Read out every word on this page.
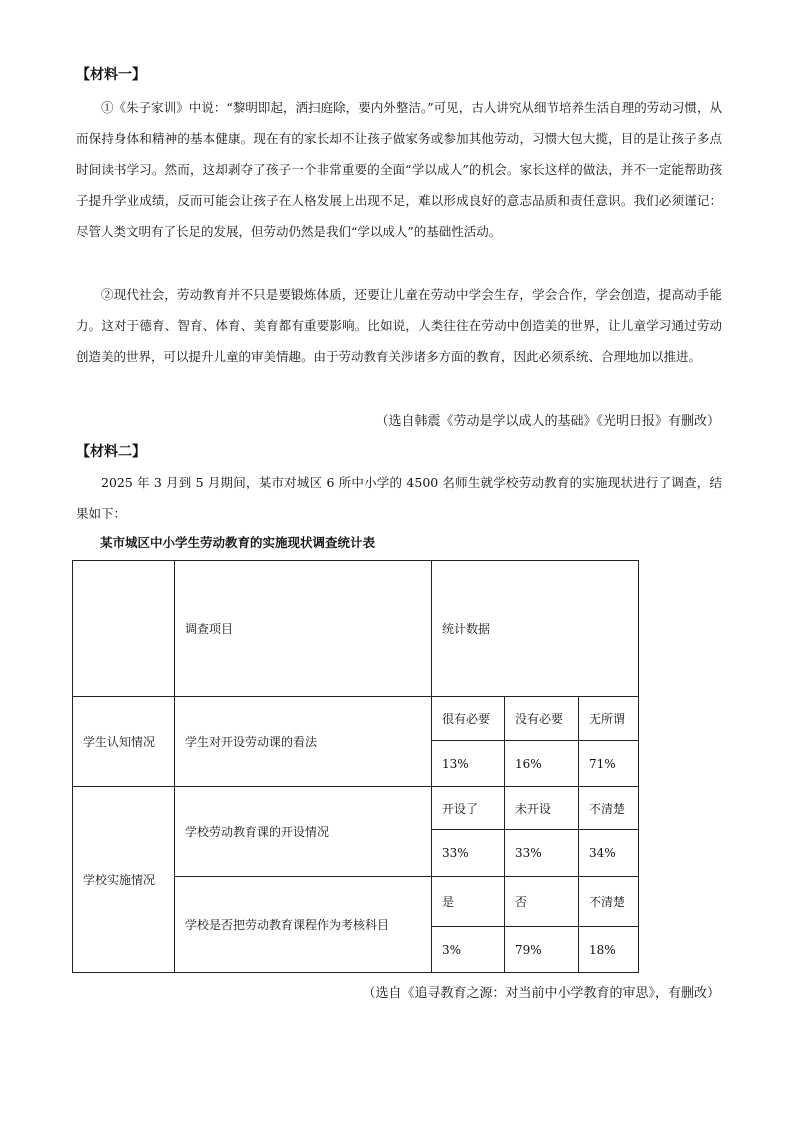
【材料一】

①《朱子家训》中说：“黎明即起，洒扫庭除，要内外整洁。”可见，古人讲究从细节培养生活自理的劳动习惯，从而保持身体和精神的基本健康。现在有的家长却不让孩子做家务或参加其他劳动，习惯大包大揽，目的是让孩子多点时间读书学习。然而，这却剥夺了孩子一个非常重要的全面“学以成人”的机会。家长这样的做法，并不一定能帮助孩子提升学业成绩，反而可能会让孩子在人格发展上出现不足，难以形成良好的意志品质和责任意识。我们必须谨记：尽管人类文明有了长足的发展，但劳动仍然是我们“学以成人”的基础性活动。

②现代社会，劳动教育并不只是要锻炼体质，还要让儿童在劳动中学会生存，学会合作，学会创造，提高动手能力。这对于德育、智育、体育、美育都有重要影响。比如说，人类往往在劳动中创造美的世界，让儿童学习通过劳动创造美的世界，可以提升儿童的审美情趣。由于劳动教育关涉诸多方面的教育，因此必须系统、合理地加以推进。

（选自韩震《劳动是学以成人的基础》《光明日报》有删改）
【材料二】

2025 年 3 月到 5 月期间，某市对城区 6 所中小学的 4500 名师生就学校劳动教育的实施现状进行了调查，结果如下：

某市城区中小学生劳动教育的实施现状调查统计表
	调查项目	统计数据		
学生认知情况	学生对开设劳动课的看法	很有必要	没有必要	无所谓
		13%	16%	71%
学校实施情况	学校劳动教育课的开设情况	开设了	未开设	不清楚
		33%	33%	34%
	学校是否把劳动教育课程作为考核科目	是	否	不清楚
		3%	79%	18%
（选自《追寻教育之源：对当前中小学教育的审思》，有删改）
